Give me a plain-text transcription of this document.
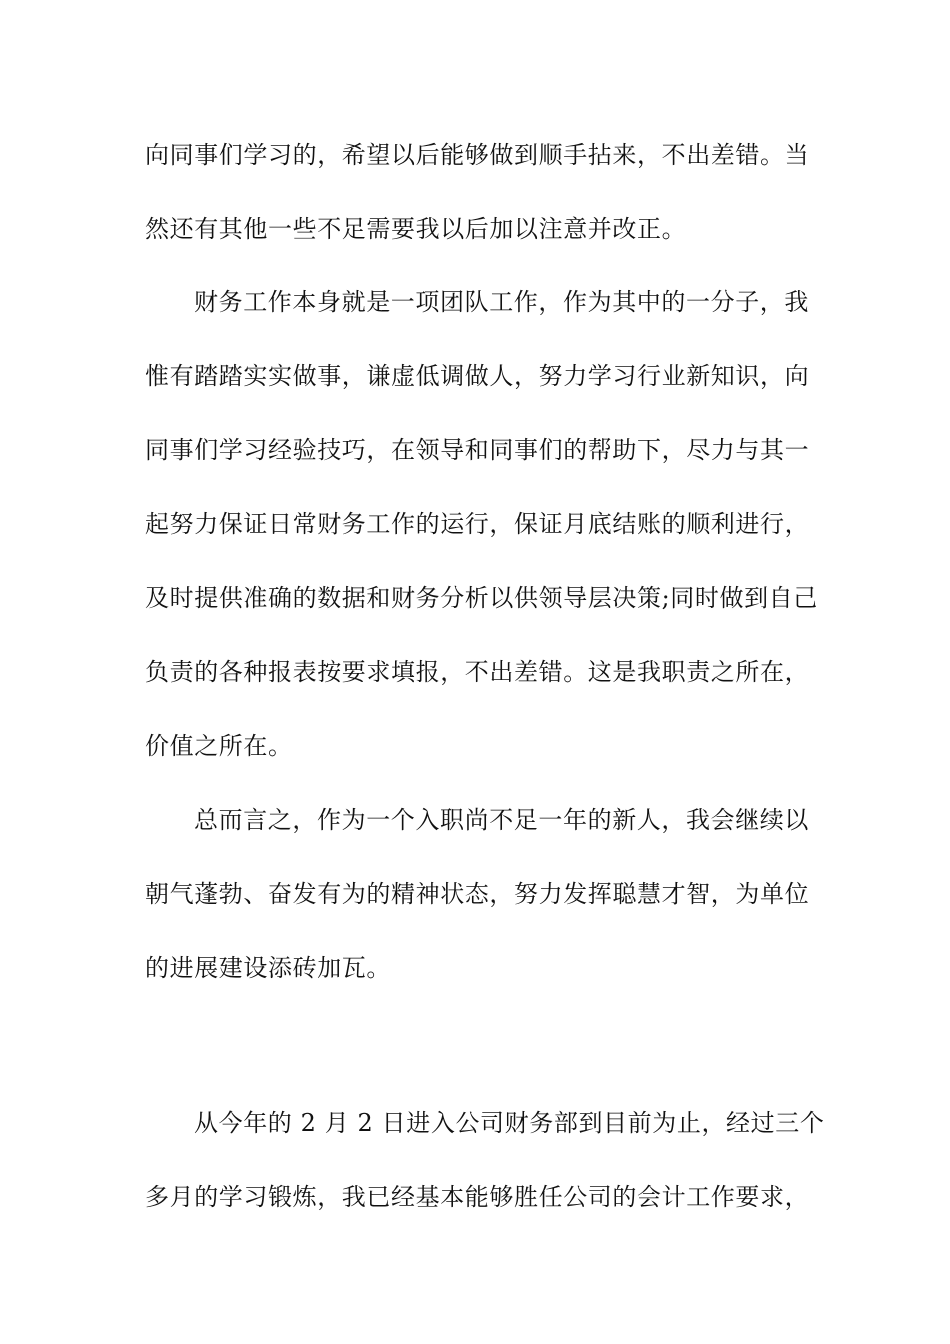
向同事们学习的，希望以后能够做到顺手拈来，不出差错。当
然还有其他一些不足需要我以后加以注意并改正。
财务工作本身就是一项团队工作，作为其中的一分子，我
惟有踏踏实实做事，谦虚低调做人，努力学习行业新知识，向
同事们学习经验技巧，在领导和同事们的帮助下，尽力与其一
起努力保证日常财务工作的运行，保证月底结账的顺利进行，
及时提供准确的数据和财务分析以供领导层决策;同时做到自己
负责的各种报表按要求填报，不出差错。这是我职责之所在，
价值之所在。
总而言之，作为一个入职尚不足一年的新人，我会继续以
朝气蓬勃、奋发有为的精神状态，努力发挥聪慧才智，为单位
的进展建设添砖加瓦。
从今年的 2 月 2 日进入公司财务部到目前为止，经过三个
多月的学习锻炼，我已经基本能够胜任公司的会计工作要求，
